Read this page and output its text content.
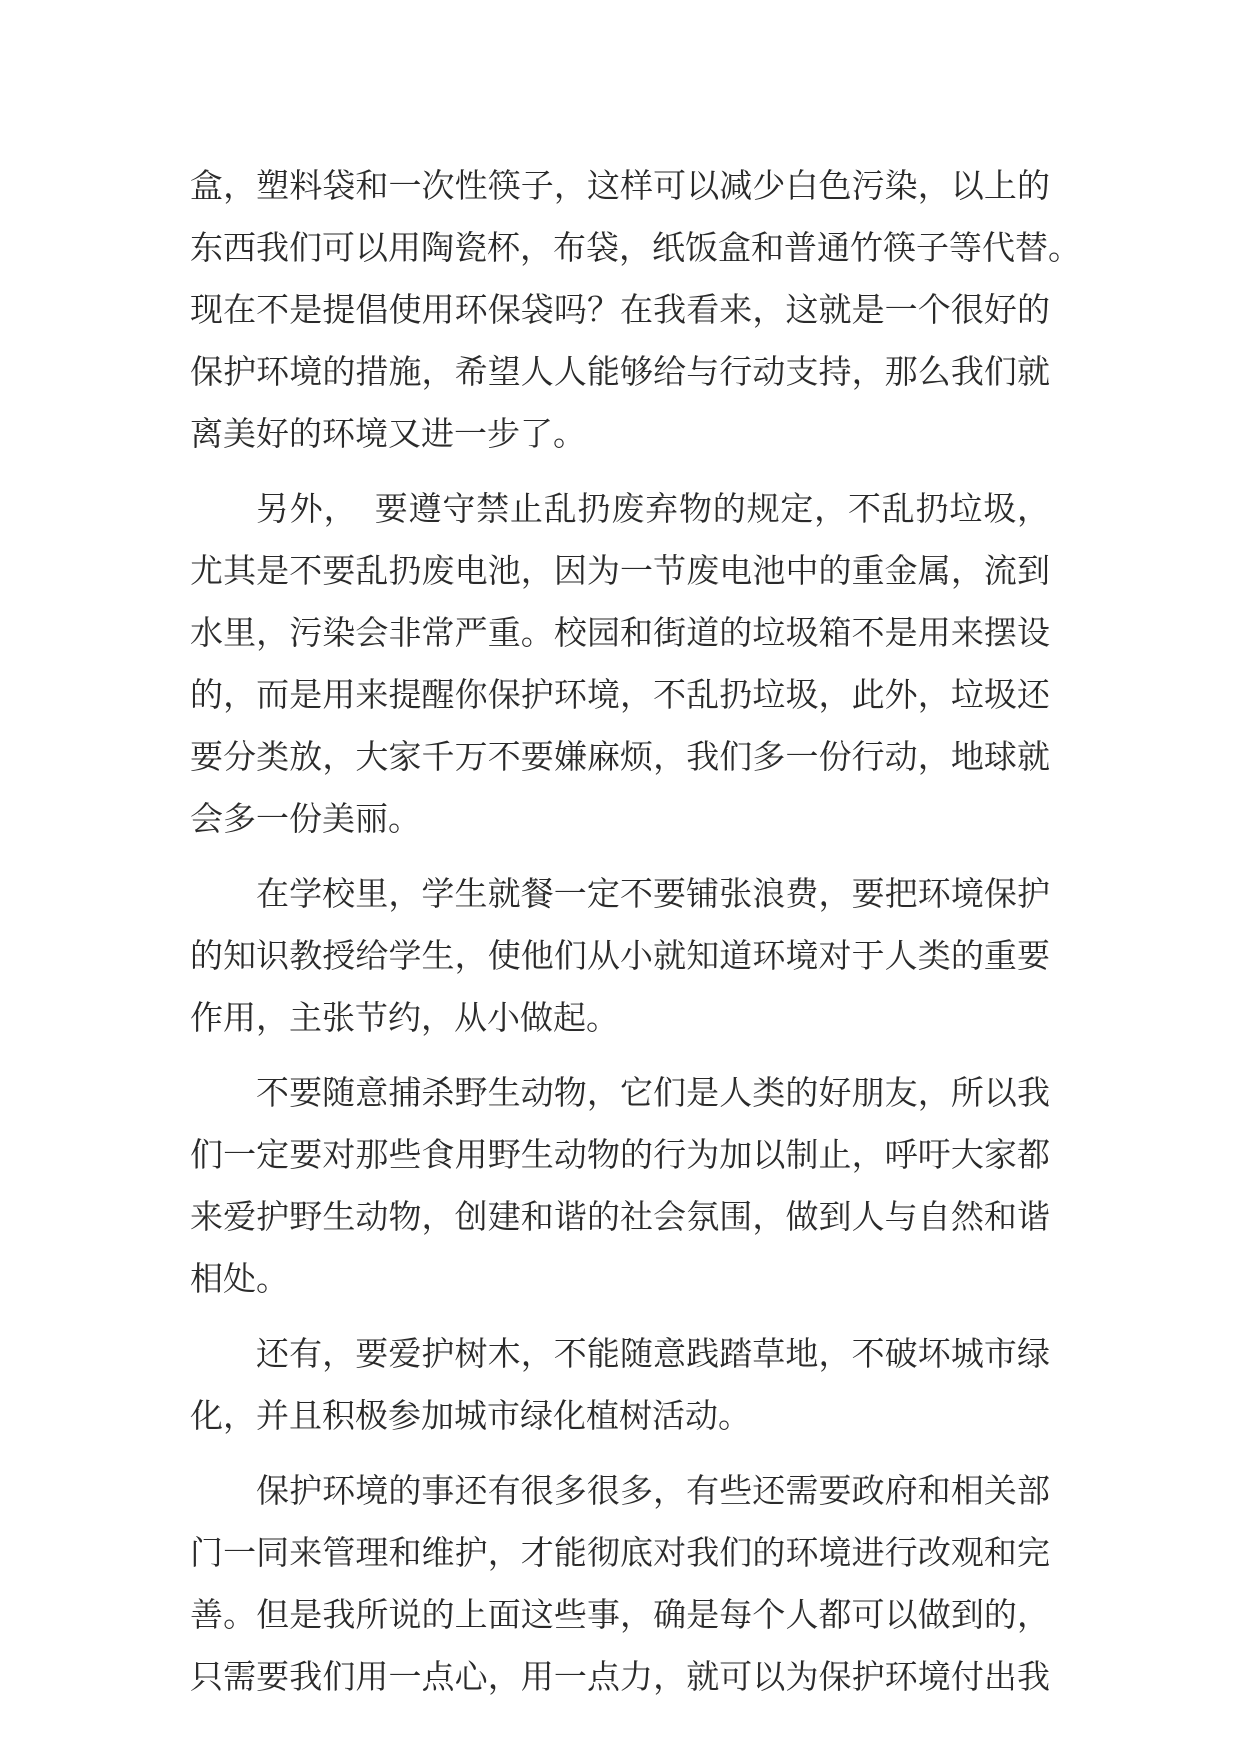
盒，塑料袋和一次性筷子，这样可以减少白色污染，以上的
东西我们可以用陶瓷杯，布袋，纸饭盒和普通竹筷子等代替。
现在不是提倡使用环保袋吗？在我看来，这就是一个很好的
保护环境的措施，希望人人能够给与行动支持，那么我们就
离美好的环境又进一步了。
另外，　要遵守禁止乱扔废弃物的规定，不乱扔垃圾，
尤其是不要乱扔废电池，因为一节废电池中的重金属，流到
水里，污染会非常严重。校园和街道的垃圾箱不是用来摆设
的，而是用来提醒你保护环境，不乱扔垃圾，此外，垃圾还
要分类放，大家千万不要嫌麻烦，我们多一份行动，地球就
会多一份美丽。
在学校里，学生就餐一定不要铺张浪费，要把环境保护
的知识教授给学生，使他们从小就知道环境对于人类的重要
作用，主张节约，从小做起。
不要随意捕杀野生动物，它们是人类的好朋友，所以我
们一定要对那些食用野生动物的行为加以制止，呼吁大家都
来爱护野生动物，创建和谐的社会氛围，做到人与自然和谐
相处。
还有，要爱护树木，不能随意践踏草地，不破坏城市绿
化，并且积极参加城市绿化植树活动。
保护环境的事还有很多很多，有些还需要政府和相关部
门一同来管理和维护，才能彻底对我们的环境进行改观和完
善。但是我所说的上面这些事，确是每个人都可以做到的，
只需要我们用一点心，用一点力，就可以为保护环境付出我
